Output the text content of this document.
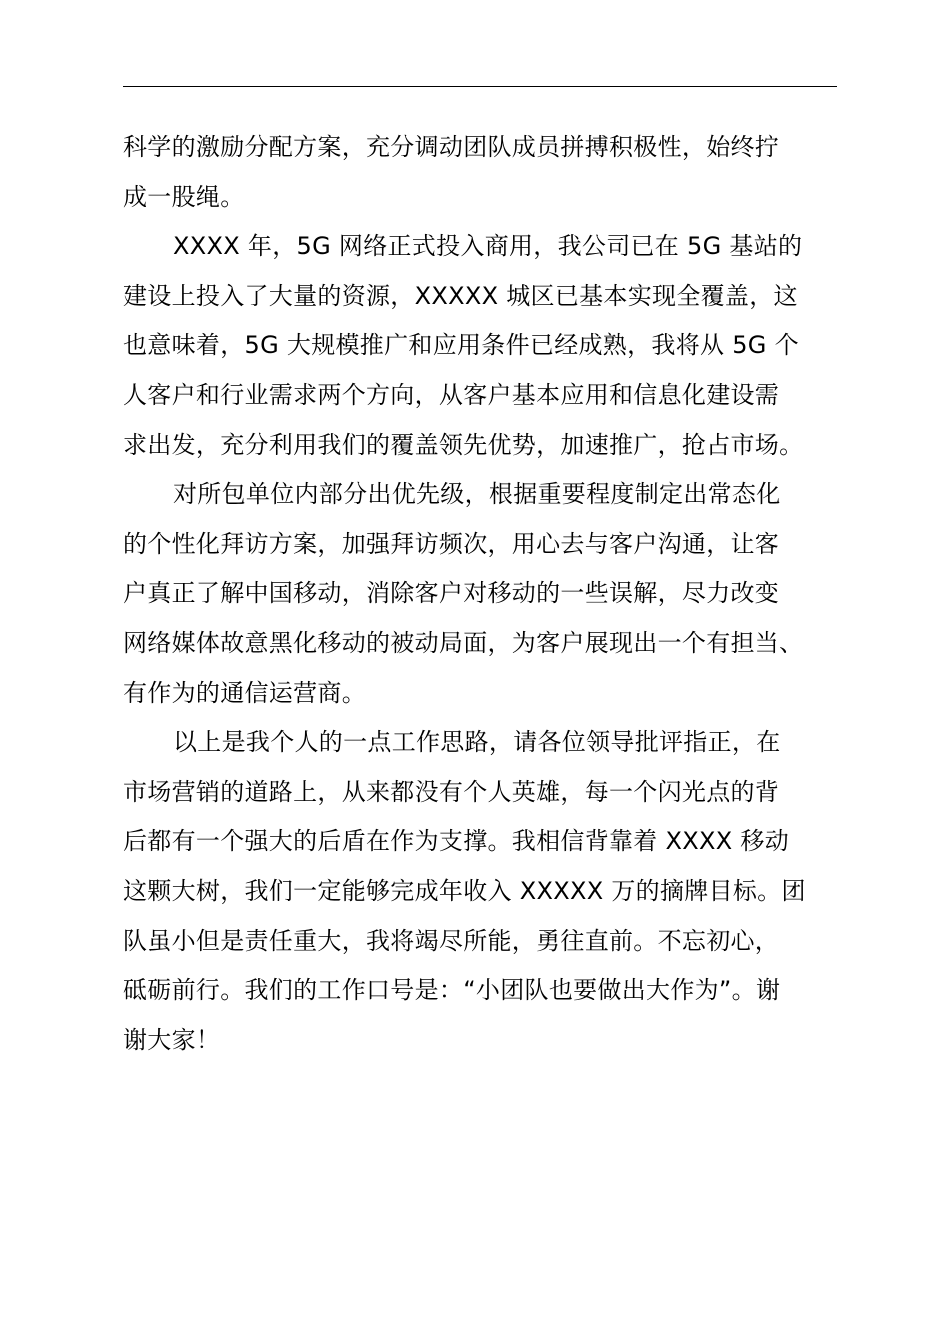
科学的激励分配方案，充分调动团队成员拼搏积极性，始终拧
成一股绳。

XXXX 年，5G 网络正式投入商用，我公司已在 5G 基站的
建设上投入了大量的资源，XXXXX 城区已基本实现全覆盖，这
也意味着，5G 大规模推广和应用条件已经成熟，我将从 5G 个
人客户和行业需求两个方向，从客户基本应用和信息化建设需
求出发，充分利用我们的覆盖领先优势，加速推广，抢占市场。

对所包单位内部分出优先级，根据重要程度制定出常态化
的个性化拜访方案，加强拜访频次，用心去与客户沟通，让客
户真正了解中国移动，消除客户对移动的一些误解，尽力改变
网络媒体故意黑化移动的被动局面，为客户展现出一个有担当、
有作为的通信运营商。

以上是我个人的一点工作思路，请各位领导批评指正，在
市场营销的道路上，从来都没有个人英雄，每一个闪光点的背
后都有一个强大的后盾在作为支撑。我相信背靠着 XXXX 移动
这颗大树，我们一定能够完成年收入 XXXXX 万的摘牌目标。团
队虽小但是责任重大，我将竭尽所能，勇往直前。不忘初心，
砥砺前行。我们的工作口号是：“小团队也要做出大作为”。谢
谢大家！
